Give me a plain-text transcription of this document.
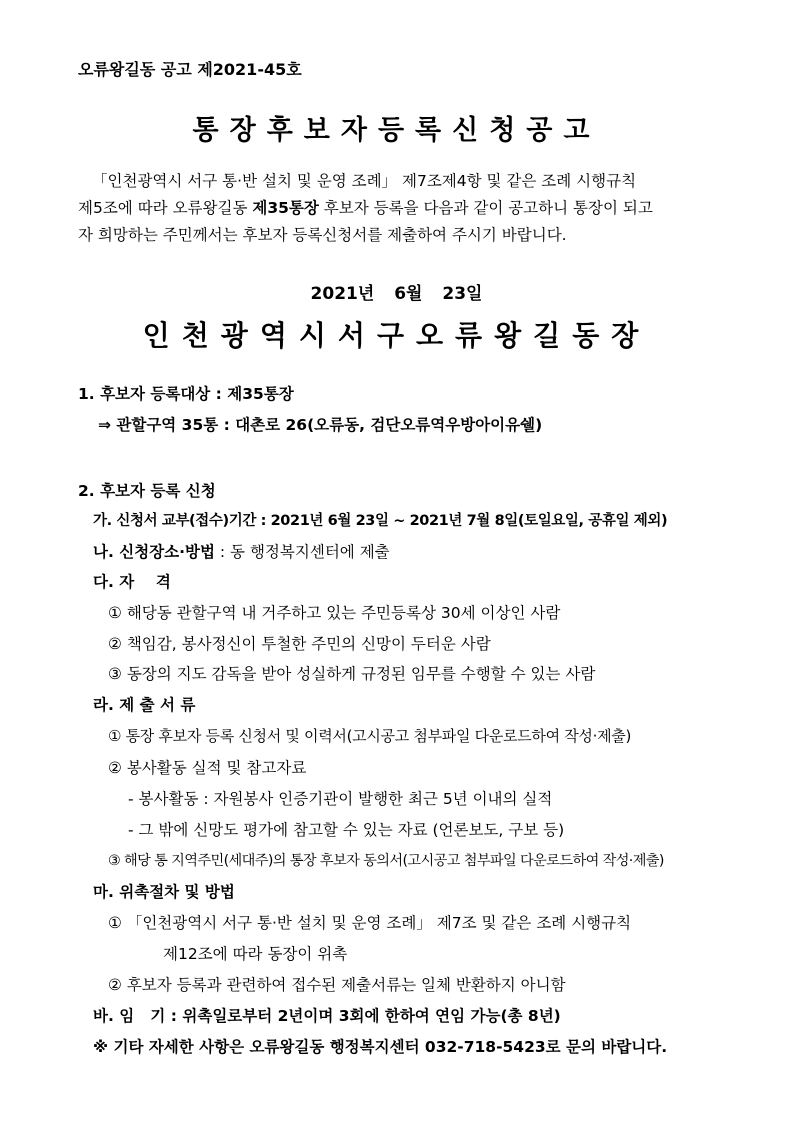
오류왕길동 공고 제2021-45호
통장후보자등록신청공고
「인천광역시 서구 통·반 설치 및 운영 조례」 제7조제4항 및 같은 조례 시행규칙
제5조에 따라 오류왕길동 제35통장 후보자 등록을 다음과 같이 공고하니 통장이 되고
자 희망하는 주민께서는 후보자 등록신청서를 제출하여 주시기 바랍니다.
2021년 6월 23일
인천광역시서구오류왕길동장
1. 후보자 등록대상 : 제35통장
⇒ 관할구역 35통 : 대촌로 26(오류동, 검단오류역우방아이유쉘)
2. 후보자 등록 신청
가. 신청서 교부(접수)기간 : 2021년 6월 23일 ~ 2021년 7월 8일(토일요일, 공휴일 제외)
나. 신청장소·방법 : 동 행정복지센터에 제출
다. 자    격
① 해당동 관할구역 내 거주하고 있는 주민등록상 30세 이상인 사람
② 책임감, 봉사정신이 투철한 주민의 신망이 두터운 사람
③ 동장의 지도 감독을 받아 성실하게 규정된 임무를 수행할 수 있는 사람
라. 제 출 서 류
① 통장 후보자 등록 신청서 및 이력서(고시공고 첨부파일 다운로드하여 작성·제출)
② 봉사활동 실적 및 참고자료
- 봉사활동 : 자원봉사 인증기관이 발행한 최근 5년 이내의 실적
- 그 밖에 신망도 평가에 참고할 수 있는 자료 (언론보도, 구보 등)
③ 해당 통 지역주민(세대주)의 통장 후보자 동의서(고시공고 첨부파일 다운로드하여 작성·제출)
마. 위촉절차 및 방법
① 「인천광역시 서구 통·반 설치 및 운영 조례」 제7조 및 같은 조례 시행규칙
제12조에 따라 동장이 위촉
② 후보자 등록과 관련하여 접수된 제출서류는 일체 반환하지 아니함
바. 임   기 : 위촉일로부터 2년이며 3회에 한하여 연임 가능(총 8년)
※ 기타 자세한 사항은 오류왕길동 행정복지센터 032-718-5423로 문의 바랍니다.
